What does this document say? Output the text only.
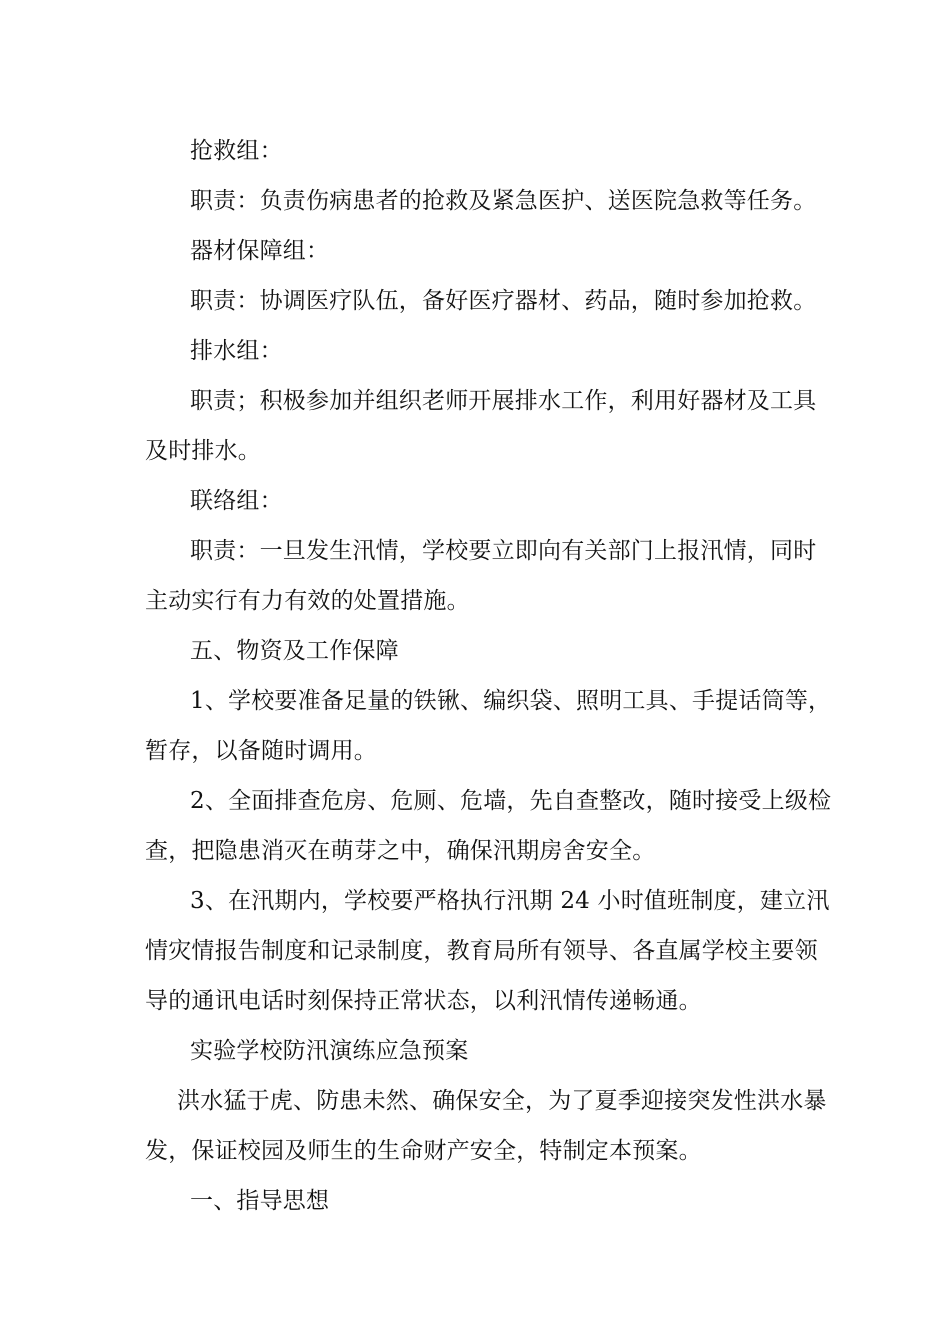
抢救组：
职责：负责伤病患者的抢救及紧急医护、送医院急救等任务。
器材保障组：
职责：协调医疗队伍，备好医疗器材、药品，随时参加抢救。
排水组：
职责；积极参加并组织老师开展排水工作，利用好器材及工具
及时排水。
联络组：
职责：一旦发生汛情，学校要立即向有关部门上报汛情，同时
主动实行有力有效的处置措施。
五、物资及工作保障
1、学校要准备足量的铁锹、编织袋、照明工具、手提话筒等，
暂存，以备随时调用。
2、全面排查危房、危厕、危墙，先自查整改，随时接受上级检
查，把隐患消灭在萌芽之中，确保汛期房舍安全。
3、在汛期内，学校要严格执行汛期 24 小时值班制度，建立汛
情灾情报告制度和记录制度，教育局所有领导、各直属学校主要领
导的通讯电话时刻保持正常状态，以利汛情传递畅通。
实验学校防汛演练应急预案
洪水猛于虎、防患未然、确保安全，为了夏季迎接突发性洪水暴
发，保证校园及师生的生命财产安全，特制定本预案。
一、指导思想
